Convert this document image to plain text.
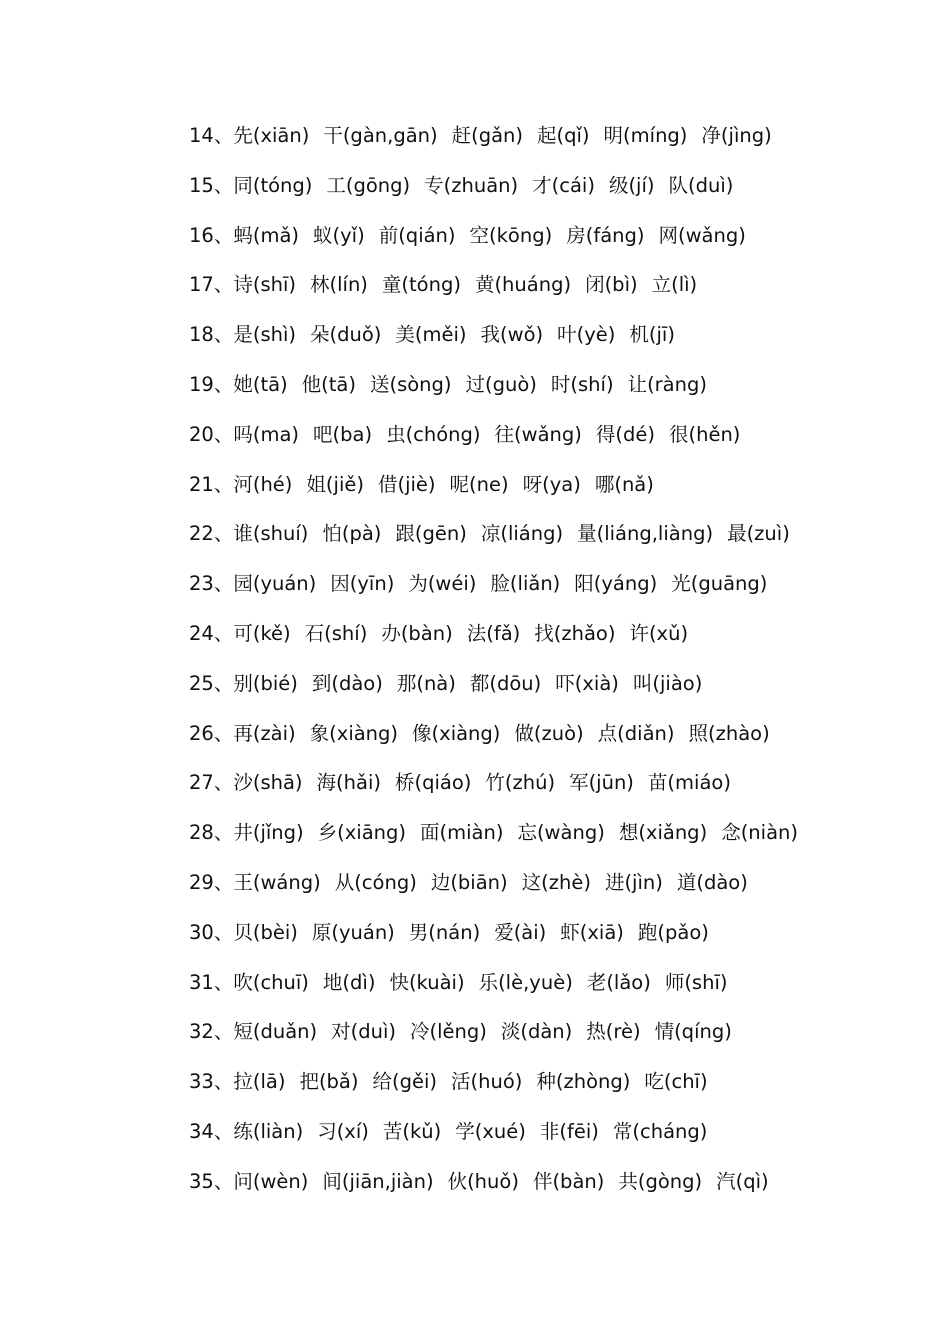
14、先(xiān) 干(gàn,gān) 赶(gǎn) 起(qǐ) 明(míng) 净(jìng)
15、同(tóng) 工(gōng) 专(zhuān) 才(cái) 级(jí) 队(duì)
16、蚂(mǎ) 蚁(yǐ) 前(qián) 空(kōng) 房(fáng) 网(wǎng)
17、诗(shī) 林(lín) 童(tóng) 黄(huáng) 闭(bì) 立(lì)
18、是(shì) 朵(duǒ) 美(měi) 我(wǒ) 叶(yè) 机(jī)
19、她(tā) 他(tā) 送(sòng) 过(guò) 时(shí) 让(ràng)
20、吗(ma) 吧(ba) 虫(chóng) 往(wǎng) 得(dé) 很(hěn)
21、河(hé) 姐(jiě) 借(jiè) 呢(ne) 呀(ya) 哪(nǎ)
22、谁(shuí) 怕(pà) 跟(gēn) 凉(liáng) 量(liáng,liàng) 最(zuì)
23、园(yuán) 因(yīn) 为(wéi) 脸(liǎn) 阳(yáng) 光(guāng)
24、可(kě) 石(shí) 办(bàn) 法(fǎ) 找(zhǎo) 许(xǔ)
25、别(bié) 到(dào) 那(nà) 都(dōu) 吓(xià) 叫(jiào)
26、再(zài) 象(xiàng) 像(xiàng) 做(zuò) 点(diǎn) 照(zhào)
27、沙(shā) 海(hǎi) 桥(qiáo) 竹(zhú) 军(jūn) 苗(miáo)
28、井(jǐng) 乡(xiāng) 面(miàn) 忘(wàng) 想(xiǎng) 念(niàn)
29、王(wáng) 从(cóng) 边(biān) 这(zhè) 进(jìn) 道(dào)
30、贝(bèi) 原(yuán) 男(nán) 爱(ài) 虾(xiā) 跑(pǎo)
31、吹(chuī) 地(dì) 快(kuài) 乐(lè,yuè) 老(lǎo) 师(shī)
32、短(duǎn) 对(duì) 冷(lěng) 淡(dàn) 热(rè) 情(qíng)
33、拉(lā) 把(bǎ) 给(gěi) 活(huó) 种(zhòng) 吃(chī)
34、练(liàn) 习(xí) 苦(kǔ) 学(xué) 非(fēi) 常(cháng)
35、问(wèn) 间(jiān,jiàn) 伙(huǒ) 伴(bàn) 共(gòng) 汽(qì)
